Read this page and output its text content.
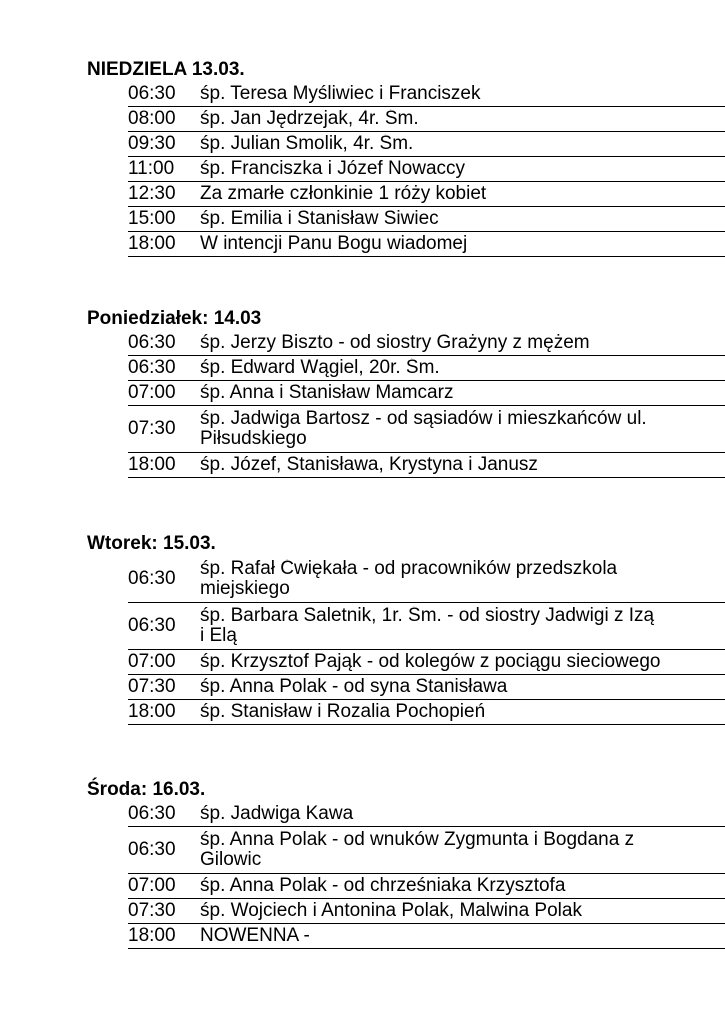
NIEDZIELA 13.03.
06:30	śp. Teresa Myśliwiec i Franciszek
08:00	śp. Jan Jędrzejak, 4r. Śm.
09:30	śp. Julian Smolik, 4r. Śm.
11:00	śp. Franciszka i Józef Nowaccy
12:30	Za zmarłe członkinie 1 róży kobiet
15:00	śp. Emilia i Stanisław Siwiec
18:00	W intencji Panu Bogu wiadomej
Poniedziałek: 14.03
06:30	śp. Jerzy Biszto - od siostry Grażyny z mężem
06:30	śp. Edward Wągiel, 20r. Śm.
07:00	śp. Anna i Stanisław Mamcarz
07:30	śp. Jadwiga Bartosz - od sąsiadów i mieszkańców ul.
Piłsudskiego
18:00	śp. Józef, Stanisława, Krystyna i Janusz
Wtorek: 15.03.
06:30	śp. Rafał Ćwiękała - od pracowników przedszkola
miejskiego
06:30	śp. Barbara Saletnik, 1r. Śm. - od siostry Jadwigi z Izą
i Elą
07:00	śp. Krzysztof Pająk - od kolegów z pociągu sieciowego
07:30	śp. Anna Polak - od syna Stanisława
18:00	śp. Stanisław i Rozalia Pochopień
Środa: 16.03.
06:30	śp. Jadwiga Kawa
06:30	śp. Anna Polak - od wnuków Zygmunta i Bogdana z
Gilowic
07:00	śp. Anna Polak - od chrześniaka Krzysztofa
07:30	śp. Wojciech i Antonina Polak, Malwina Polak
18:00	NOWENNA -
